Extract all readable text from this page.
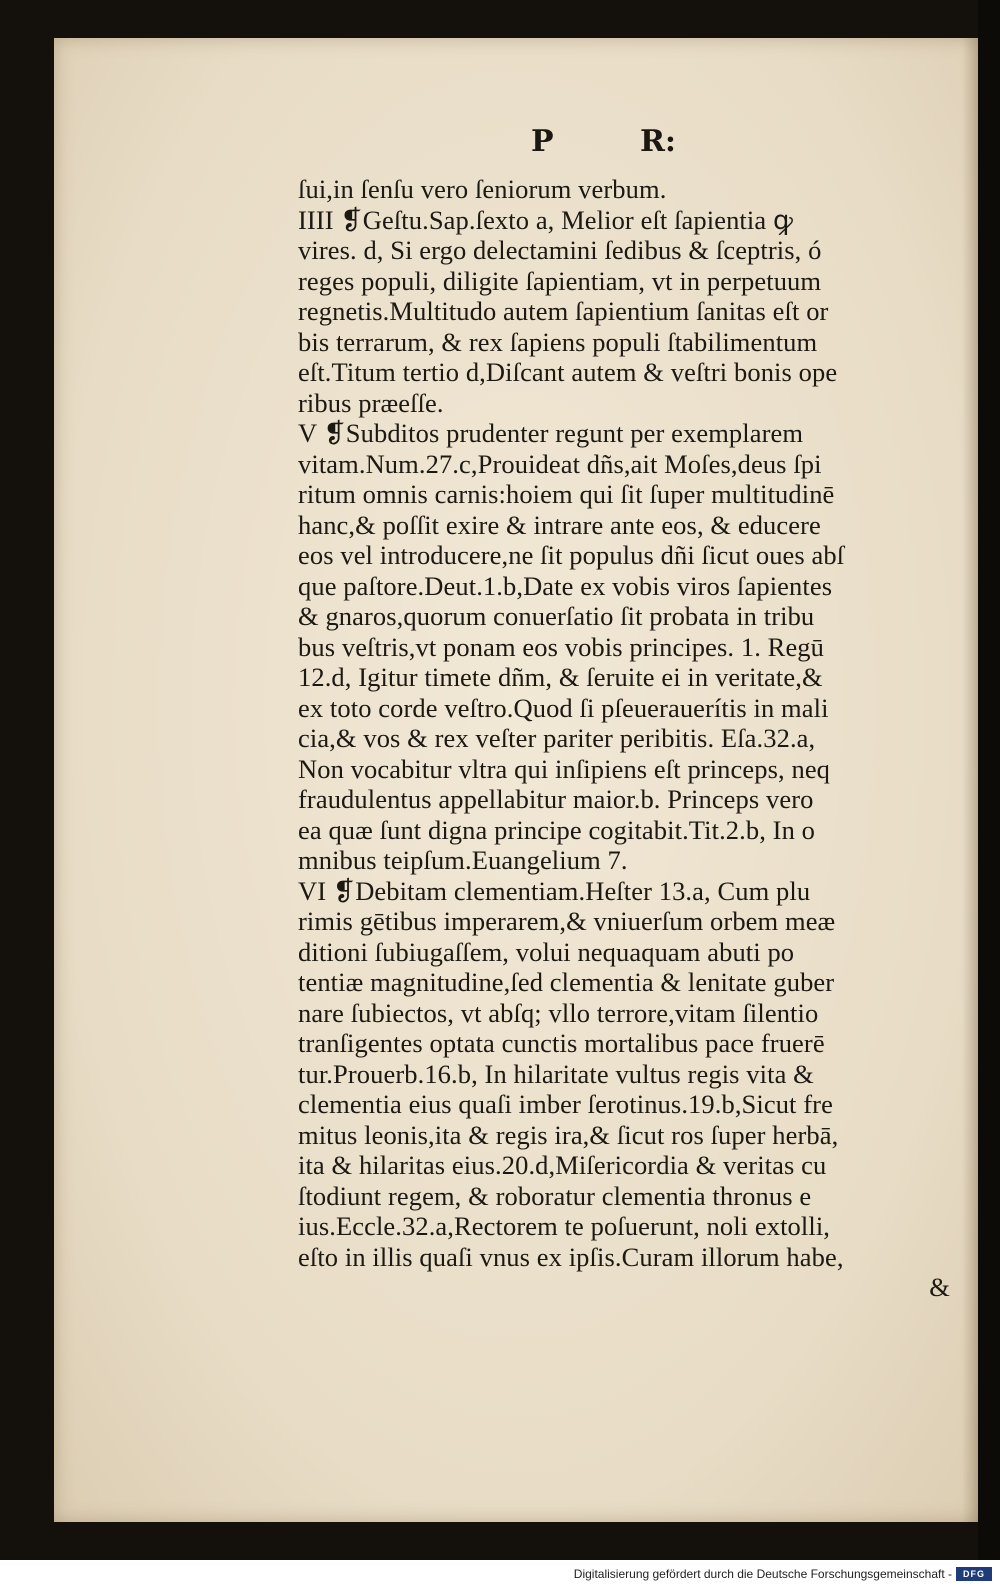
P	R:
ſui,in ſenſu vero ſeniorum verbum.
IIII ❡Geſtu.Sap.ſexto a, Melior eſt ſapientia ꝙ
vires. d, Si ergo delectamini ſedibus & ſceptris, ó
reges populi, diligite ſapientiam, vt in perpetuum
regnetis.Multitudo autem ſapientium ſanitas eſt or
bis terrarum, & rex ſapiens populi ſtabilimentum
eſt.Titum tertio d,Diſcant autem & veſtri bonis ope
ribus præeſſe.
V ❡Subditos prudenter regunt per exemplarem
vitam.Num.27.c,Prouideat dñs,ait Moſes,deus ſpi
ritum omnis carnis:hoiem qui ſit ſuper multitudinē
hanc,& poſſit exire & intrare ante eos, & educere
eos vel introducere,ne ſit populus dñi ſicut oues abſ
que paſtore.Deut.1.b,Date ex vobis viros ſapientes
& gnaros,quorum conuerſatio ſit probata in tribu
bus veſtris,vt ponam eos vobis principes. 1. Regū
12.d, Igitur timete dñm, & ſeruite ei in veritate,&
ex toto corde veſtro.Quod ſi pſeuerauerítis in mali
cia,& vos & rex veſter pariter peribitis. Eſa.32.a,
Non vocabitur vltra qui inſipiens eſt princeps, neq
fraudulentus appellabitur maior.b. Princeps vero
ea quæ ſunt digna principe cogitabit.Tit.2.b, In o
mnibus teipſum.Euangelium 7.
VI ❡Debitam clementiam.Heſter 13.a, Cum plu
rimis gētibus imperarem,& vniuerſum orbem meæ
ditioni ſubiugaſſem, volui nequaquam abuti po
tentiæ magnitudine,ſed clementia & lenitate guber
nare ſubiectos, vt abſq; vllo terrore,vitam ſilentio
tranſigentes optata cunctis mortalibus pace fruerē
tur.Prouerb.16.b, In hilaritate vultus regis vita &
clementia eius quaſi imber ſerotinus.19.b,Sicut fre
mitus leonis,ita & regis ira,& ſicut ros ſuper herbā,
ita & hilaritas eius.20.d,Miſericordia & veritas cu
ſtodiunt regem, & roboratur clementia thronus e
ius.Eccle.32.a,Rectorem te poſuerunt, noli extolli,
eſto in illis quaſi vnus ex ipſis.Curam illorum habe,
&
Digitalisierung gefördert durch die Deutsche Forschungsgemeinschaft -	DFG
